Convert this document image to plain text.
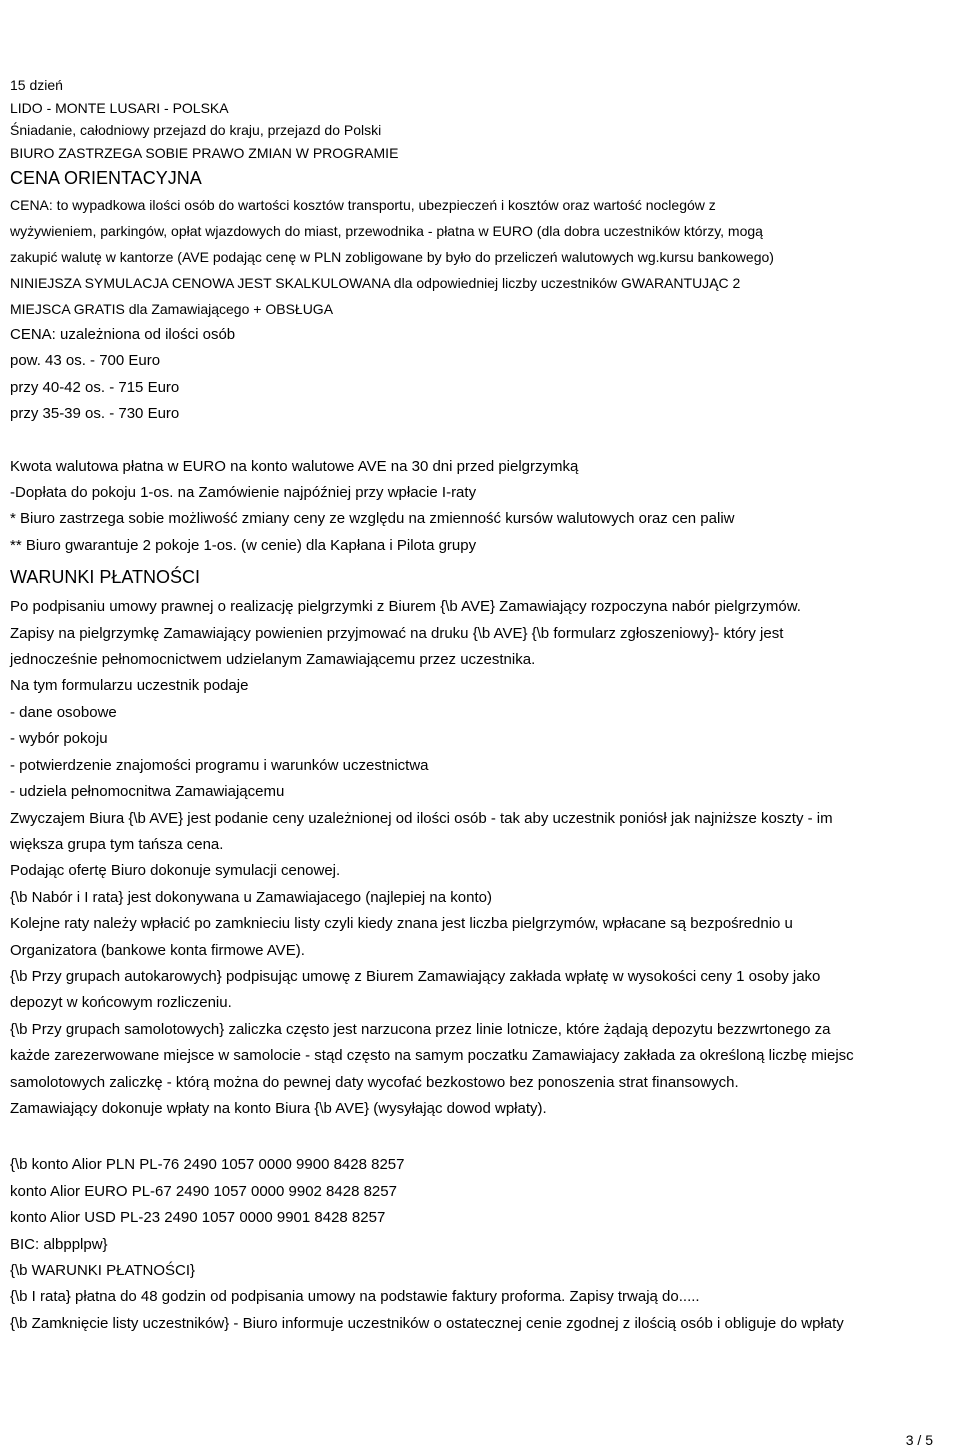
15 dzień
LIDO - MONTE LUSARI - POLSKA
Śniadanie, całodniowy przejazd do kraju, przejazd do Polski
BIURO ZASTRZEGA SOBIE PRAWO ZMIAN W PROGRAMIE
CENA ORIENTACYJNA
CENA: to wypadkowa ilości osób do wartości kosztów transportu, ubezpieczeń i kosztów oraz wartość noclegów z
wyżywieniem, parkingów, opłat wjazdowych do miast, przewodnika - płatna w EURO (dla dobra uczestników którzy, mogą
zakupić walutę w kantorze (AVE podając cenę w PLN zobligowane by było do przeliczeń walutowych wg.kursu bankowego)
NINIEJSZA SYMULACJA CENOWA JEST SKALKULOWANA dla odpowiedniej liczby uczestników GWARANTUJĄC 2
MIEJSCA GRATIS dla Zamawiającego + OBSŁUGA
CENA: uzależniona od ilości osób
pow. 43 os. - 700 Euro
przy 40-42 os. - 715 Euro
przy 35-39 os. - 730 Euro
Kwota walutowa płatna w EURO na konto walutowe AVE na 30 dni przed pielgrzymką
-Dopłata do pokoju 1-os. na Zamówienie najpóźniej przy wpłacie I-raty
* Biuro zastrzega sobie możliwość zmiany ceny ze względu na zmienność kursów walutowych oraz cen paliw
** Biuro gwarantuje 2 pokoje 1-os. (w cenie) dla Kapłana i Pilota grupy
WARUNKI PŁATNOŚCI
Po podpisaniu umowy prawnej o realizację pielgrzymki z Biurem {\b AVE} Zamawiający rozpoczyna nabór pielgrzymów.
Zapisy na pielgrzymkę Zamawiający powienien przyjmować na druku {\b AVE} {\b formularz zgłoszeniowy}- który jest
jednocześnie pełnomocnictwem udzielanym Zamawiającemu przez uczestnika.
Na tym formularzu uczestnik podaje
- dane osobowe
- wybór pokoju
- potwierdzenie znajomości programu i warunków uczestnictwa
- udziela pełnomocnitwa Zamawiającemu
Zwyczajem Biura {\b AVE} jest podanie ceny uzależnionej od ilości osób - tak aby uczestnik poniósł jak najniższe koszty - im
większa grupa tym tańsza cena.
Podając ofertę Biuro dokonuje symulacji cenowej.
{\b Nabór i I rata} jest dokonywana u Zamawiajacego (najlepiej na konto)
Kolejne raty należy wpłacić po zamknieciu listy czyli kiedy znana jest liczba pielgrzymów, wpłacane są bezpośrednio u
Organizatora (bankowe konta firmowe AVE).
{\b Przy grupach autokarowych} podpisując umowę z Biurem Zamawiający zakłada wpłatę w wysokości ceny 1 osoby jako
depozyt w końcowym rozliczeniu.
{\b Przy grupach samolotowych} zaliczka często jest narzucona przez linie lotnicze, które żądają depozytu bezzwrtonego za
każde zarezerwowane miejsce w samolocie - stąd często na samym poczatku Zamawiajacy zakłada za określoną liczbę miejsc
samolotowych zaliczkę - którą można do pewnej daty wycofać bezkostowo bez ponoszenia strat finansowych.
Zamawiający dokonuje wpłaty na konto Biura {\b AVE} (wysyłając dowod wpłaty).
{\b konto Alior PLN PL-76 2490 1057 0000 9900 8428 8257
konto Alior EURO PL-67 2490 1057 0000 9902 8428 8257
konto Alior USD PL-23 2490 1057 0000 9901 8428 8257
BIC: albpplpw}
{\b WARUNKI PŁATNOŚCI}
{\b I rata} płatna do 48 godzin od podpisania umowy na podstawie faktury proforma. Zapisy trwają do.....
{\b Zamknięcie listy uczestników} - Biuro informuje uczestników o ostatecznej cenie zgodnej z ilością osób i obliguje do wpłaty
3 / 5
